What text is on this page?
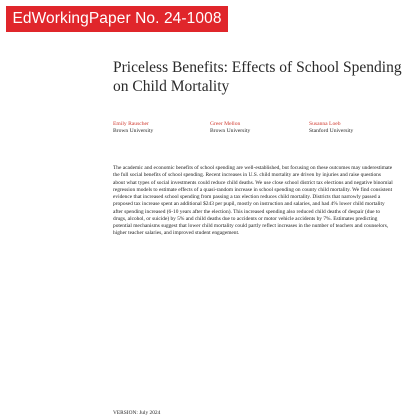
EdWorkingPaper No. 24-1008
Priceless Benefits: Effects of School Spending on Child Mortality
Emily Rauscher
Brown University
Greer Mellon
Brown University
Susanna Loeb
Stanford University

The academic and economic benefits of school spending are well-established, but focusing on these outcomes may underestimate the full social benefits of school spending. Recent increases in U.S. child mortality are driven by injuries and raise questions about what types of social investments could reduce child deaths. We use close school district tax elections and negative binomial regression models to estimate effects of a quasi-random increase in school spending on county child mortality. We find consistent evidence that increased school spending from passing a tax election reduces child mortality. Districts that narrowly passed a proposed tax increase spent an additional $243 per pupil, mostly on instruction and salaries, and had 4% lower child mortality after spending increased (6-10 years after the election). This increased spending also reduced child deaths of despair (due to drugs, alcohol, or suicide) by 5% and child deaths due to accidents or motor vehicle accidents by 7%. Estimates predicting potential mechanisms suggest that lower child mortality could partly reflect increases in the number of teachers and counselors, higher teacher salaries, and improved student engagement.

VERSION: July 2024
